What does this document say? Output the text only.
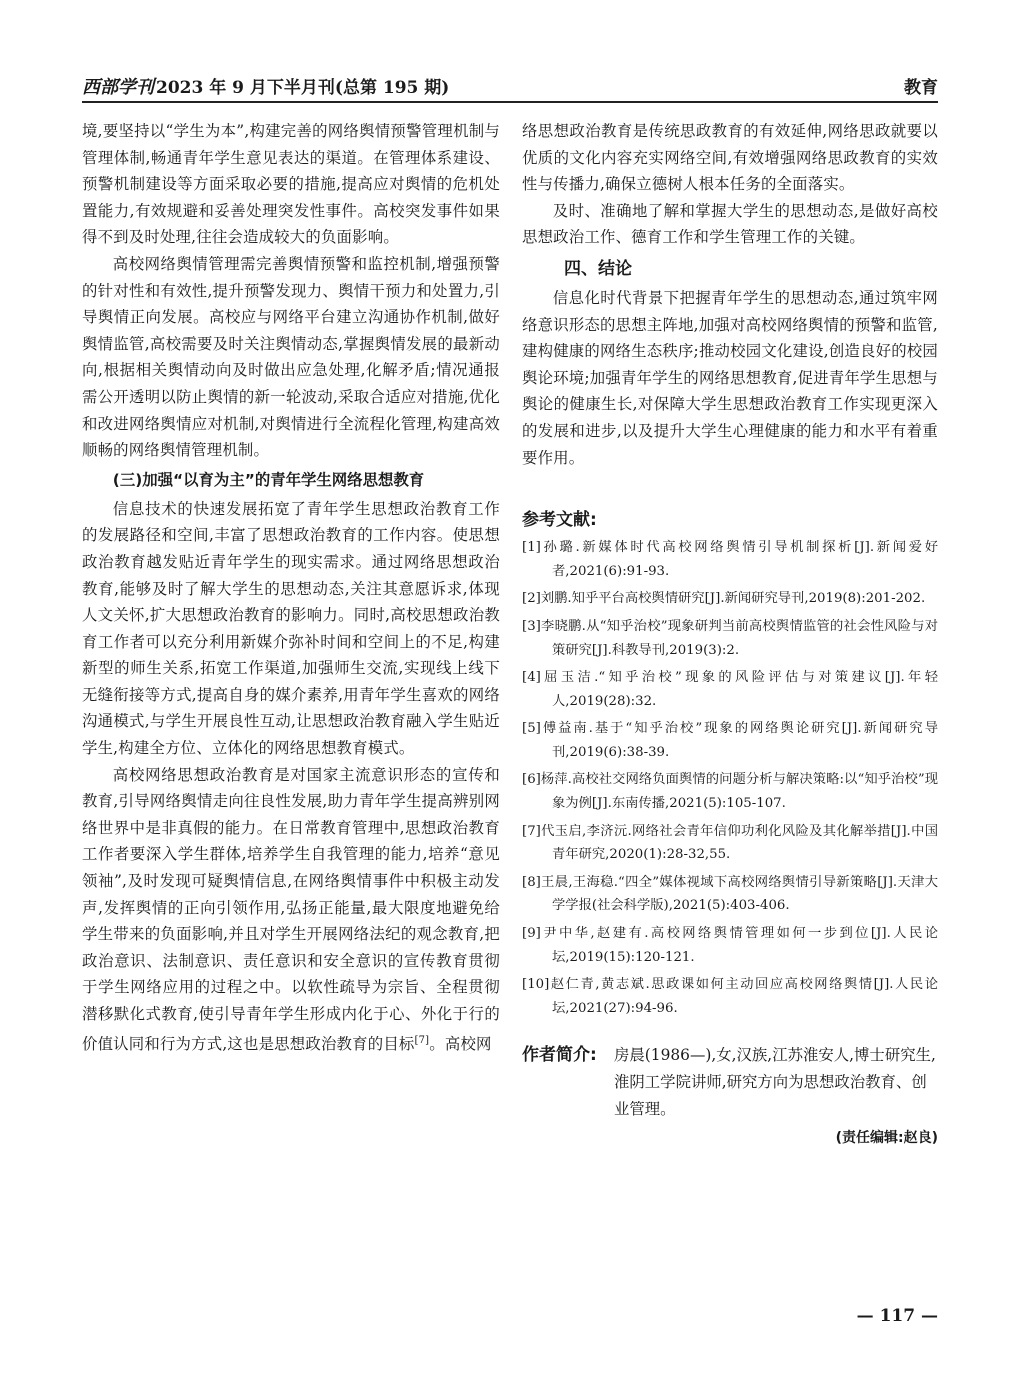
西部学刊 2023 年 9 月下半月刊(总第 195 期)	教育

境,要坚持以“学生为本”,构建完善的网络舆情预警管理机制与管理体制,畅通青年学生意见表达的渠道。在管理体系建设、预警机制建设等方面采取必要的措施,提高应对舆情的危机处置能力,有效规避和妥善处理突发性事件。高校突发事件如果得不到及时处理,往往会造成较大的负面影响。

高校网络舆情管理需完善舆情预警和监控机制,增强预警的针对性和有效性,提升预警发现力、舆情干预力和处置力,引导舆情正向发展。高校应与网络平台建立沟通协作机制,做好舆情监管,高校需要及时关注舆情动态,掌握舆情发展的最新动向,根据相关舆情动向及时做出应急处理,化解矛盾;情况通报需公开透明以防止舆情的新一轮波动,采取合适应对措施,优化和改进网络舆情应对机制,对舆情进行全流程化管理,构建高效顺畅的网络舆情管理机制。

(三)加强“以育为主”的青年学生网络思想教育

信息技术的快速发展拓宽了青年学生思想政治教育工作的发展路径和空间,丰富了思想政治教育的工作内容。使思想政治教育越发贴近青年学生的现实需求。通过网络思想政治教育,能够及时了解大学生的思想动态,关注其意愿诉求,体现人文关怀,扩大思想政治教育的影响力。同时,高校思想政治教育工作者可以充分利用新媒介弥补时间和空间上的不足,构建新型的师生关系,拓宽工作渠道,加强师生交流,实现线上线下无缝衔接等方式,提高自身的媒介素养,用青年学生喜欢的网络沟通模式,与学生开展良性互动,让思想政治教育融入学生贴近学生,构建全方位、立体化的网络思想教育模式。

高校网络思想政治教育是对国家主流意识形态的宣传和教育,引导网络舆情走向往良性发展,助力青年学生提高辨别网络世界中是非真假的能力。在日常教育管理中,思想政治教育工作者要深入学生群体,培养学生自我管理的能力,培养“意见领袖”,及时发现可疑舆情信息,在网络舆情事件中积极主动发声,发挥舆情的正向引领作用,弘扬正能量,最大限度地避免给学生带来的负面影响,并且对学生开展网络法纪的观念教育,把政治意识、法制意识、责任意识和安全意识的宣传教育贯彻于学生网络应用的过程之中。以软性疏导为宗旨、全程贯彻潜移默化式教育,使引导青年学生形成内化于心、外化于行的价值认同和行为方式,这也是思想政治教育的目标[7]。高校网

络思想政治教育是传统思政教育的有效延伸,网络思政就要以优质的文化内容充实网络空间,有效增强网络思政教育的实效性与传播力,确保立德树人根本任务的全面落实。

及时、准确地了解和掌握大学生的思想动态,是做好高校思想政治工作、德育工作和学生管理工作的关键。

四、结论

信息化时代背景下把握青年学生的思想动态,通过筑牢网络意识形态的思想主阵地,加强对高校网络舆情的预警和监管,建构健康的网络生态秩序;推动校园文化建设,创造良好的校园舆论环境;加强青年学生的网络思想教育,促进青年学生思想与舆论的健康生长,对保障大学生思想政治教育工作实现更深入的发展和进步,以及提升大学生心理健康的能力和水平有着重要作用。

参考文献:
[1]孙璐.新媒体时代高校网络舆情引导机制探析[J].新闻爱好者,2021(6):91-93.
[2]刘鹏.知乎平台高校舆情研究[J].新闻研究导刊,2019(8):201-202.
[3]李晓鹏.从“知乎治校”现象研判当前高校舆情监管的社会性风险与对策研究[J].科教导刊,2019(3):2.
[4]屈玉洁.“知乎治校”现象的风险评估与对策建议[J].年轻人,2019(28):32.
[5]傅益南.基于“知乎治校”现象的网络舆论研究[J].新闻研究导刊,2019(6):38-39.
[6]杨萍.高校社交网络负面舆情的问题分析与解决策略:以“知乎治校”现象为例[J].东南传播,2021(5):105-107.
[7]代玉启,李济沅.网络社会青年信仰功利化风险及其化解举措[J].中国青年研究,2020(1):28-32,55.
[8]王晨,王海稳.“四全”媒体视域下高校网络舆情引导新策略[J].天津大学学报(社会科学版),2021(5):403-406.
[9]尹中华,赵建有.高校网络舆情管理如何一步到位[J].人民论坛,2019(15):120-121.
[10]赵仁青,黄志斌.思政课如何主动回应高校网络舆情[J].人民论坛,2021(27):94-96.
作者简介: 房晨(1986—),女,汉族,江苏淮安人,博士研究生,淮阴工学院讲师,研究方向为思想政治教育、创业管理。
(责任编辑:赵良)
— 117 —
